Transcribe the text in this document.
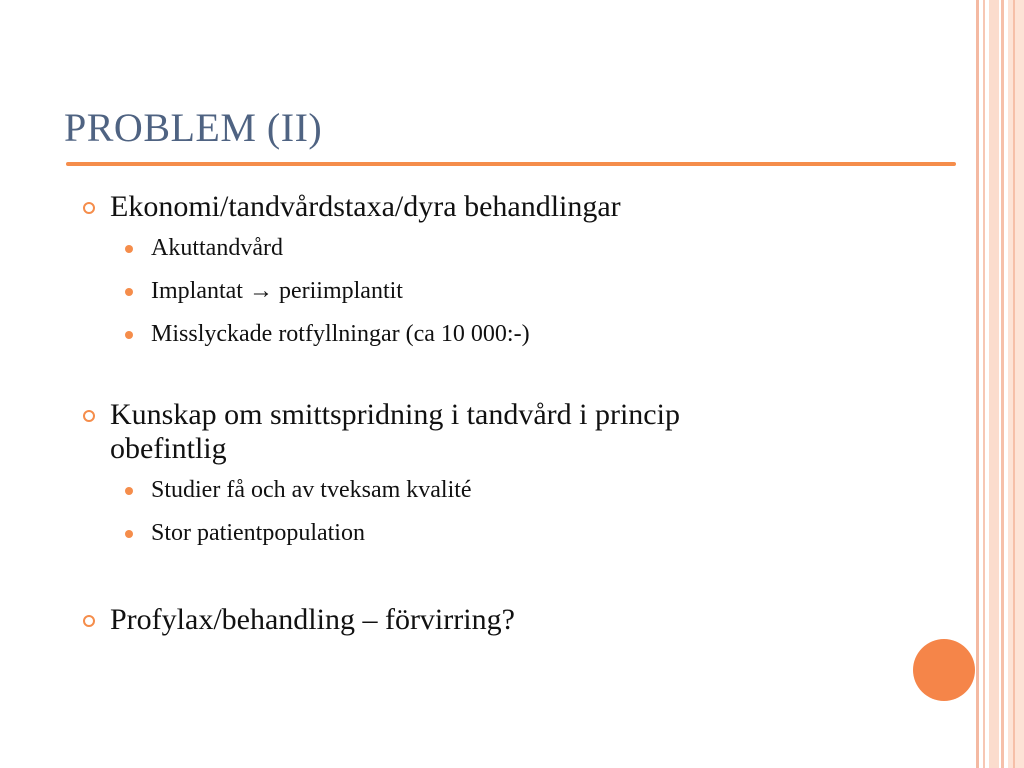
PROBLEM (II)
Ekonomi/tandvårdstaxa/dyra behandlingar
Akuttandvård
Implantat → periimplantit
Misslyckade rotfyllningar (ca 10 000:-)
Kunskap om smittspridning i tandvård i princip
obefintlig
Studier få och av tveksam kvalité
Stor patientpopulation
Profylax/behandling – förvirring?
